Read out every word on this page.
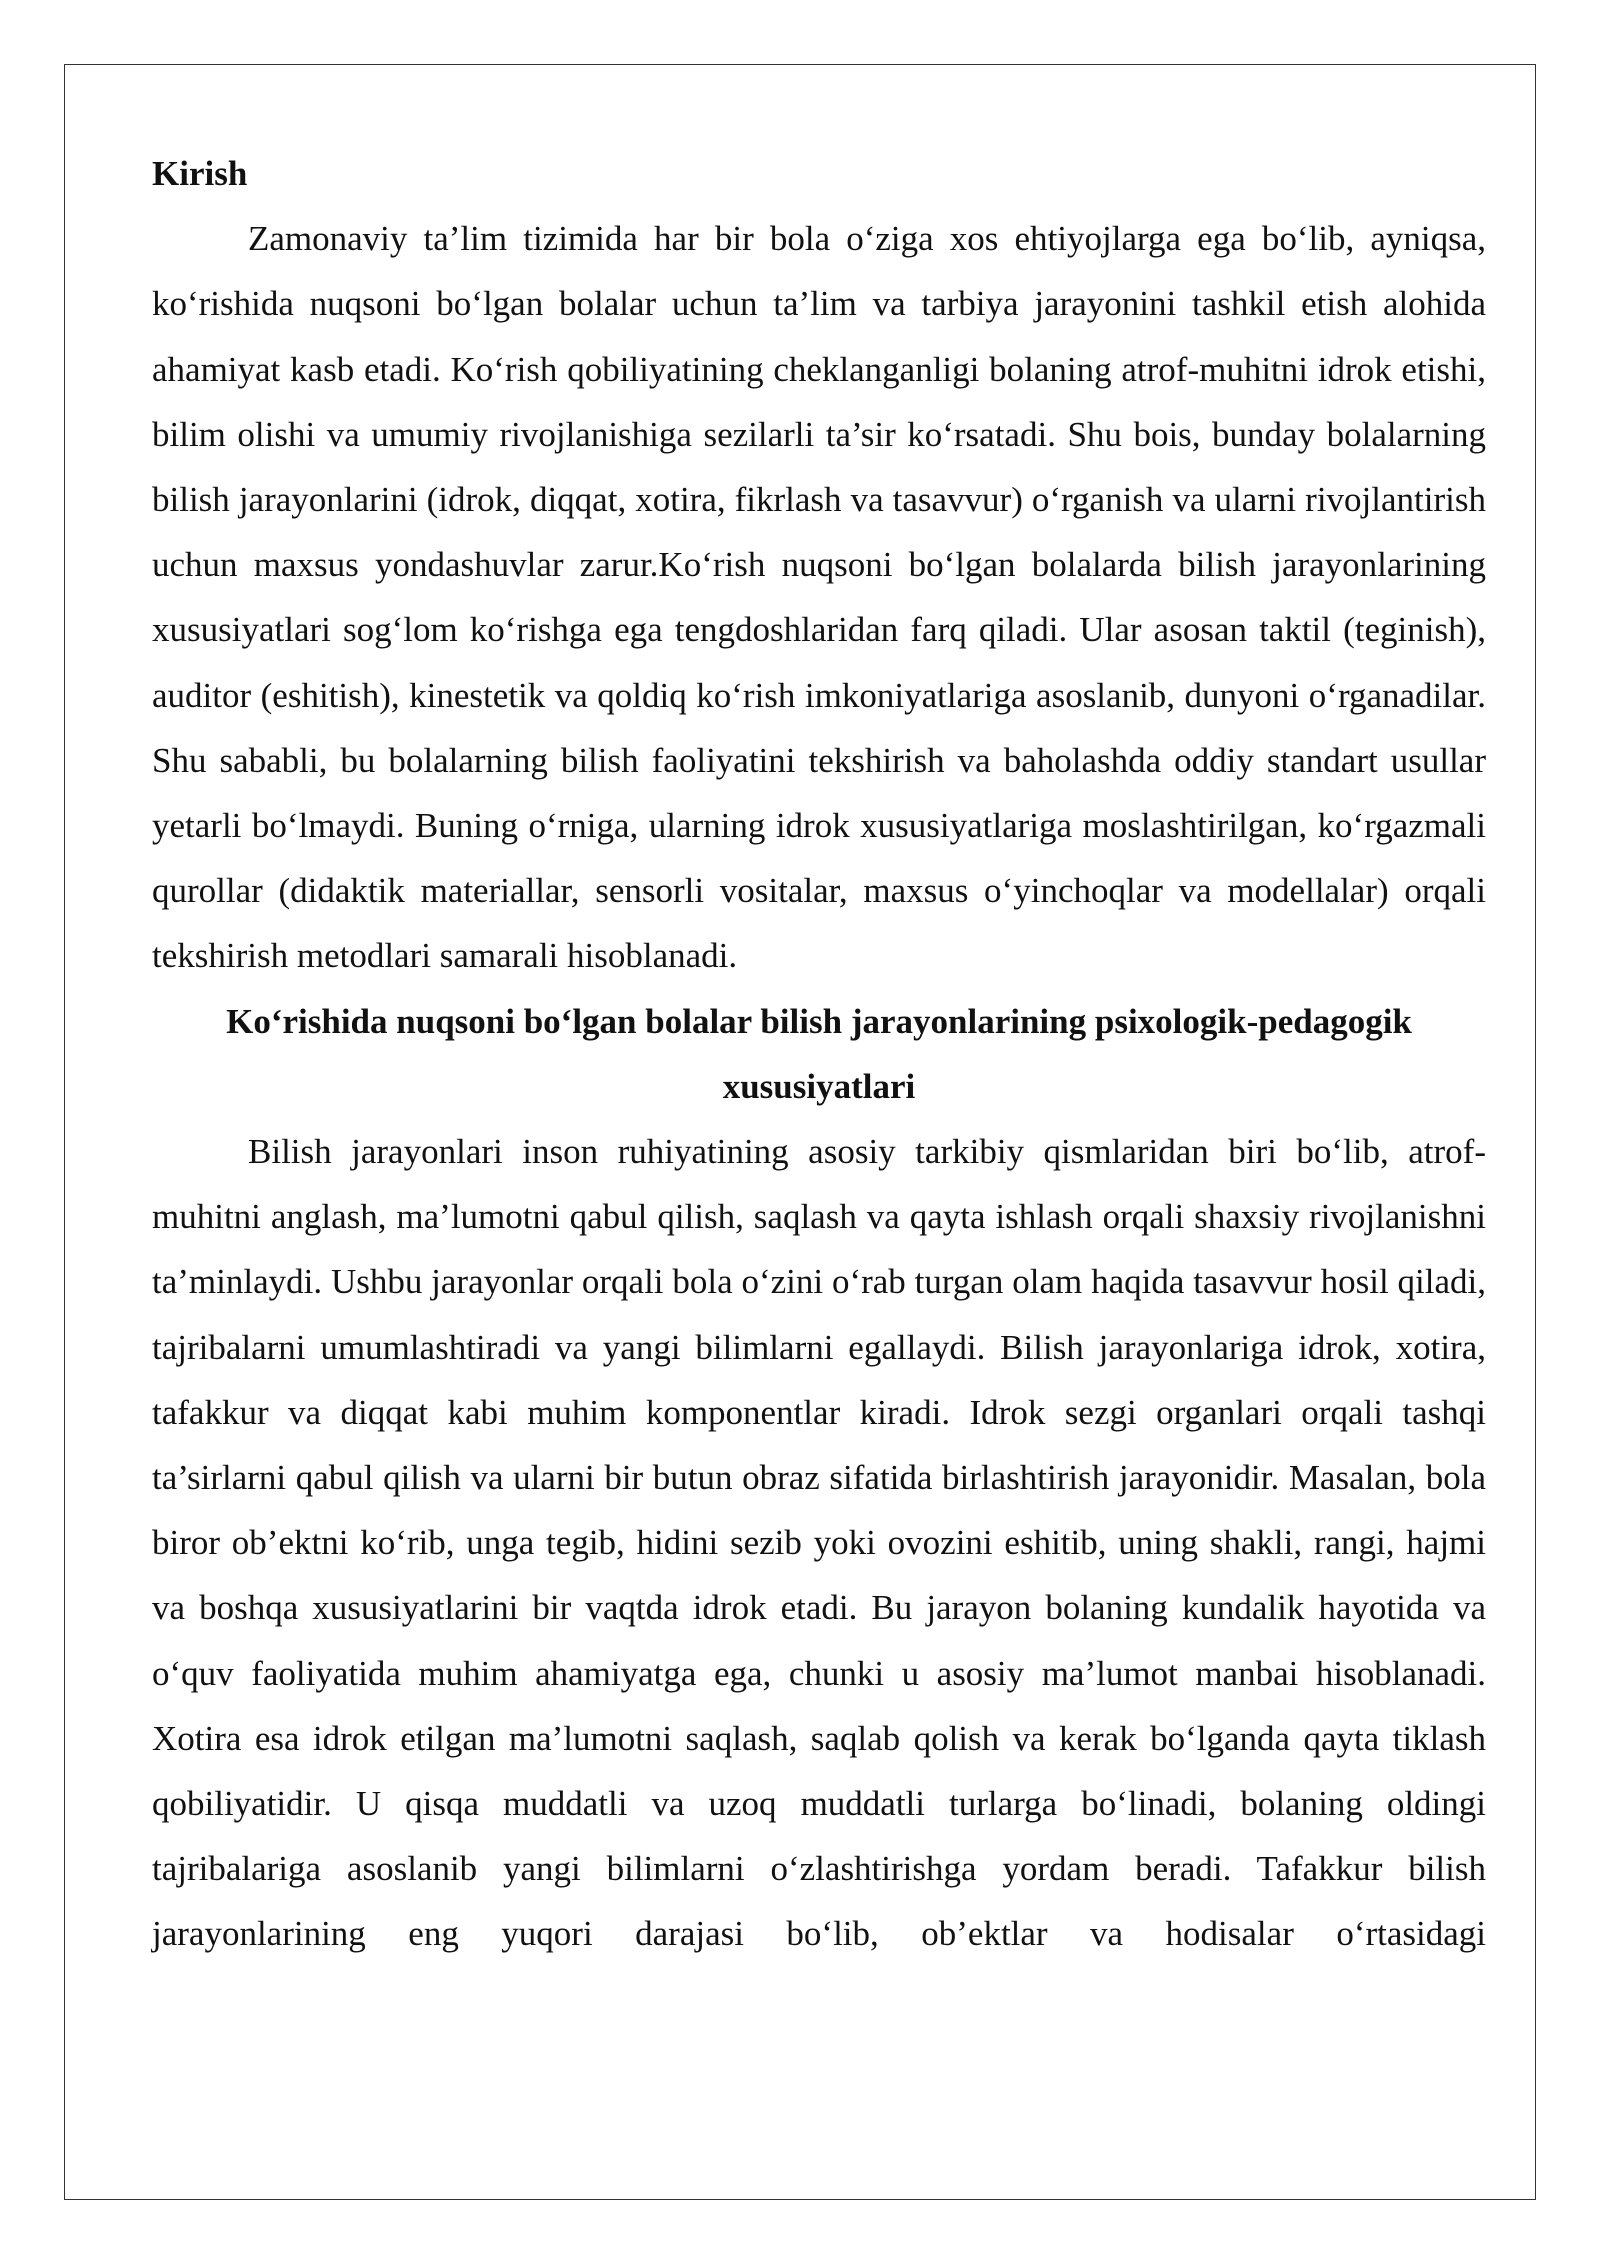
Kirish

Zamonaviy ta’lim tizimida har bir bola o‘ziga xos ehtiyojlarga ega bo‘lib, ayniqsa, ko‘rishida nuqsoni bo‘lgan bolalar uchun ta’lim va tarbiya jarayonini tashkil etish alohida ahamiyat kasb etadi. Ko‘rish qobiliyatining cheklanganligi bolaning atrof-muhitni idrok etishi, bilim olishi va umumiy rivojlanishiga sezilarli ta’sir ko‘rsatadi. Shu bois, bunday bolalarning bilish jarayonlarini (idrok, diqqat, xotira, fikrlash va tasavvur) o‘rganish va ularni rivojlantirish uchun maxsus yondashuvlar zarur.Ko‘rish nuqsoni bo‘lgan bolalarda bilish jarayonlarining xususiyatlari sog‘lom ko‘rishga ega tengdoshlaridan farq qiladi. Ular asosan taktil (teginish), auditor (eshitish), kinestetik va qoldiq ko‘rish imkoniyatlariga asoslanib, dunyoni o‘rganadilar. Shu sababli, bu bolalarning bilish faoliyatini tekshirish va baholashda oddiy standart usullar yetarli bo‘lmaydi. Buning o‘rniga, ularning idrok xususiyatlariga moslashtirilgan, ko‘rgazmali qurollar (didaktik materiallar, sensorli vositalar, maxsus o‘yinchoqlar va modellalar) orqali tekshirish metodlari samarali hisoblanadi.

Ko‘rishida nuqsoni bo‘lgan bolalar bilish jarayonlarining psixologik-pedagogik xususiyatlari

Bilish jarayonlari inson ruhiyatining asosiy tarkibiy qismlaridan biri bo‘lib, atrof-muhitni anglash, ma’lumotni qabul qilish, saqlash va qayta ishlash orqali shaxsiy rivojlanishni ta’minlaydi. Ushbu jarayonlar orqali bola o‘zini o‘rab turgan olam haqida tasavvur hosil qiladi, tajribalarni umumlashtiradi va yangi bilimlarni egallaydi. Bilish jarayonlariga idrok, xotira, tafakkur va diqqat kabi muhim komponentlar kiradi. Idrok sezgi organlari orqali tashqi ta’sirlarni qabul qilish va ularni bir butun obraz sifatida birlashtirish jarayonidir. Masalan, bola biror ob’ektni ko‘rib, unga tegib, hidini sezib yoki ovozini eshitib, uning shakli, rangi, hajmi va boshqa xususiyatlarini bir vaqtda idrok etadi. Bu jarayon bolaning kundalik hayotida va o‘quv faoliyatida muhim ahamiyatga ega, chunki u asosiy ma’lumot manbai hisoblanadi. Xotira esa idrok etilgan ma’lumotni saqlash, saqlab qolish va kerak bo‘lganda qayta tiklash qobiliyatidir. U qisqa muddatli va uzoq muddatli turlarga bo‘linadi, bolaning oldingi tajribalariga asoslanib yangi bilimlarni o‘zlashtirishga yordam beradi. Tafakkur bilish jarayonlarining eng yuqori darajasi bo‘lib, ob’ektlar va hodisalar o‘rtasidagi
